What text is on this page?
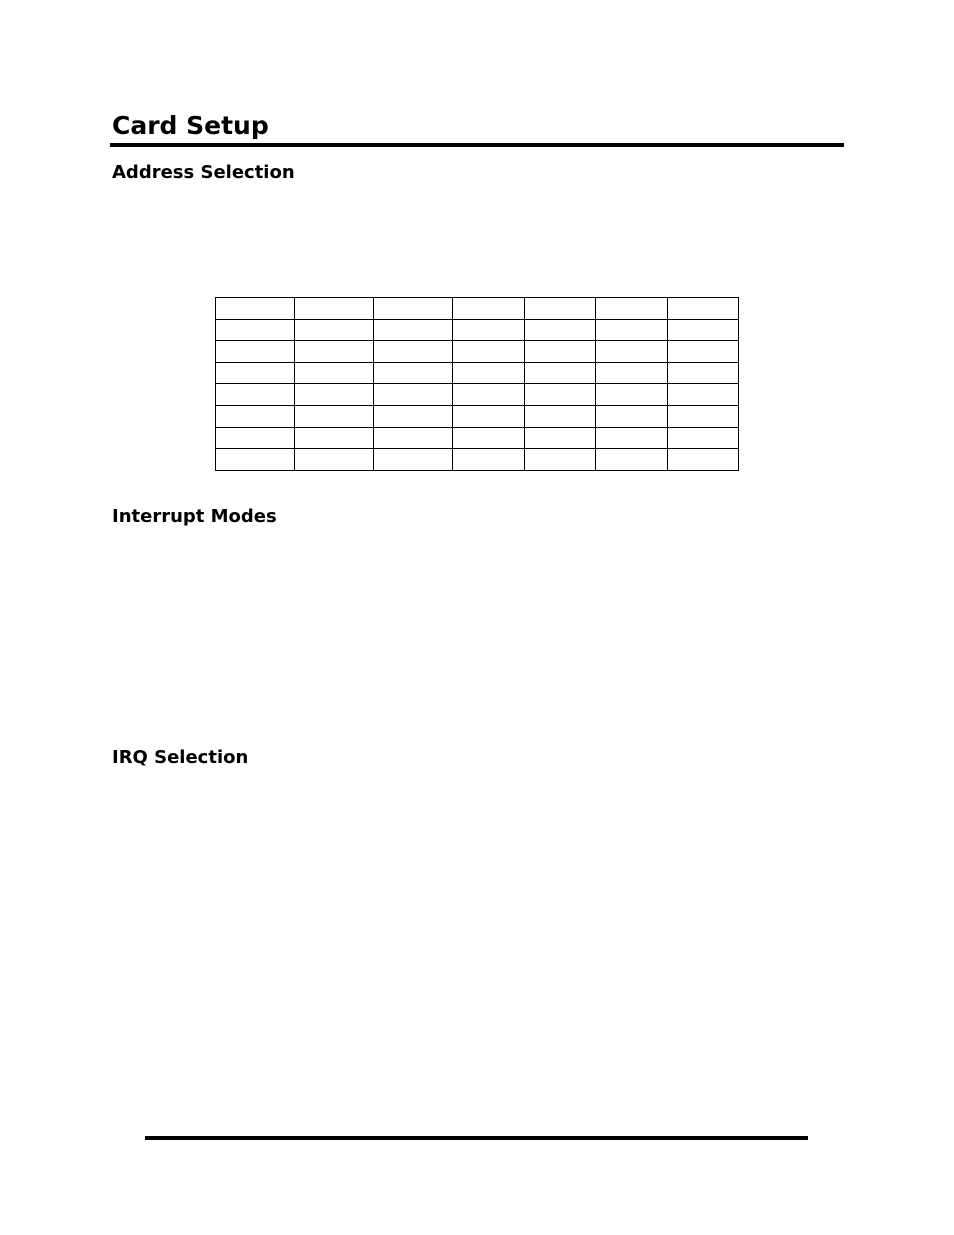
Card Setup
Address Selection

Interrupt Modes
IRQ Selection
